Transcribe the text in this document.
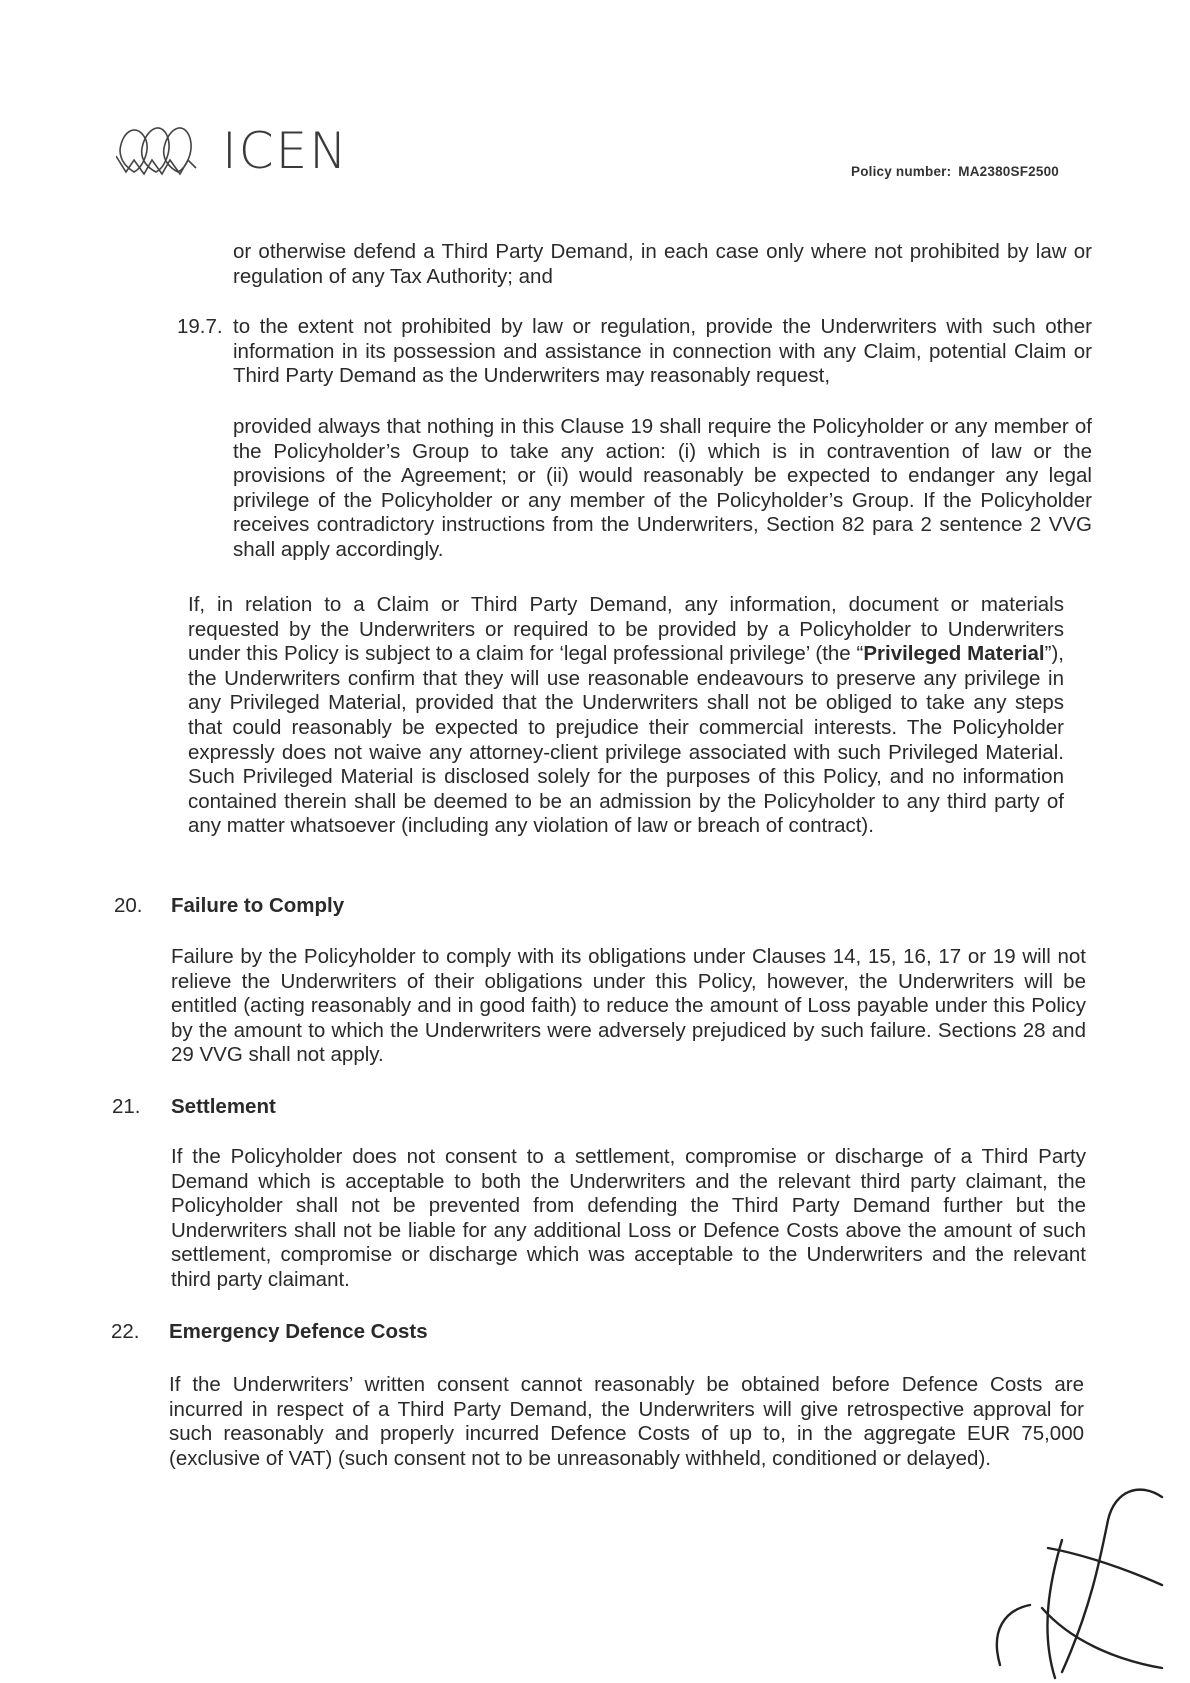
ICEN	Policy number: MA2380SF2500

or otherwise defend a Third Party Demand, in each case only where not prohibited by law or regulation of any Tax Authority; and

19.7. to the extent not prohibited by law or regulation, provide the Underwriters with such other information in its possession and assistance in connection with any Claim, potential Claim or Third Party Demand as the Underwriters may reasonably request,

provided always that nothing in this Clause 19 shall require the Policyholder or any member of the Policyholder’s Group to take any action: (i) which is in contravention of law or the provisions of the Agreement; or (ii) would reasonably be expected to endanger any legal privilege of the Policyholder or any member of the Policyholder’s Group. If the Policyholder receives contradictory instructions from the Underwriters, Section 82 para 2 sentence 2 VVG shall apply accordingly.

If, in relation to a Claim or Third Party Demand, any information, document or materials requested by the Underwriters or required to be provided by a Policyholder to Underwriters under this Policy is subject to a claim for ‘legal professional privilege’ (the “Privileged Material”), the Underwriters confirm that they will use reasonable endeavours to preserve any privilege in any Privileged Material, provided that the Underwriters shall not be obliged to take any steps that could reasonably be expected to prejudice their commercial interests. The Policyholder expressly does not waive any attorney-client privilege associated with such Privileged Material. Such Privileged Material is disclosed solely for the purposes of this Policy, and no information contained therein shall be deemed to be an admission by the Policyholder to any third party of any matter whatsoever (including any violation of law or breach of contract).

20. Failure to Comply

Failure by the Policyholder to comply with its obligations under Clauses 14, 15, 16, 17 or 19 will not relieve the Underwriters of their obligations under this Policy, however, the Underwriters will be entitled (acting reasonably and in good faith) to reduce the amount of Loss payable under this Policy by the amount to which the Underwriters were adversely prejudiced by such failure. Sections 28 and 29 VVG shall not apply.

21. Settlement

If the Policyholder does not consent to a settlement, compromise or discharge of a Third Party Demand which is acceptable to both the Underwriters and the relevant third party claimant, the Policyholder shall not be prevented from defending the Third Party Demand further but the Underwriters shall not be liable for any additional Loss or Defence Costs above the amount of such settlement, compromise or discharge which was acceptable to the Underwriters and the relevant third party claimant.

22. Emergency Defence Costs

If the Underwriters’ written consent cannot reasonably be obtained before Defence Costs are incurred in respect of a Third Party Demand, the Underwriters will give retrospective approval for such reasonably and properly incurred Defence Costs of up to, in the aggregate EUR 75,000 (exclusive of VAT) (such consent not to be unreasonably withheld, conditioned or delayed).
